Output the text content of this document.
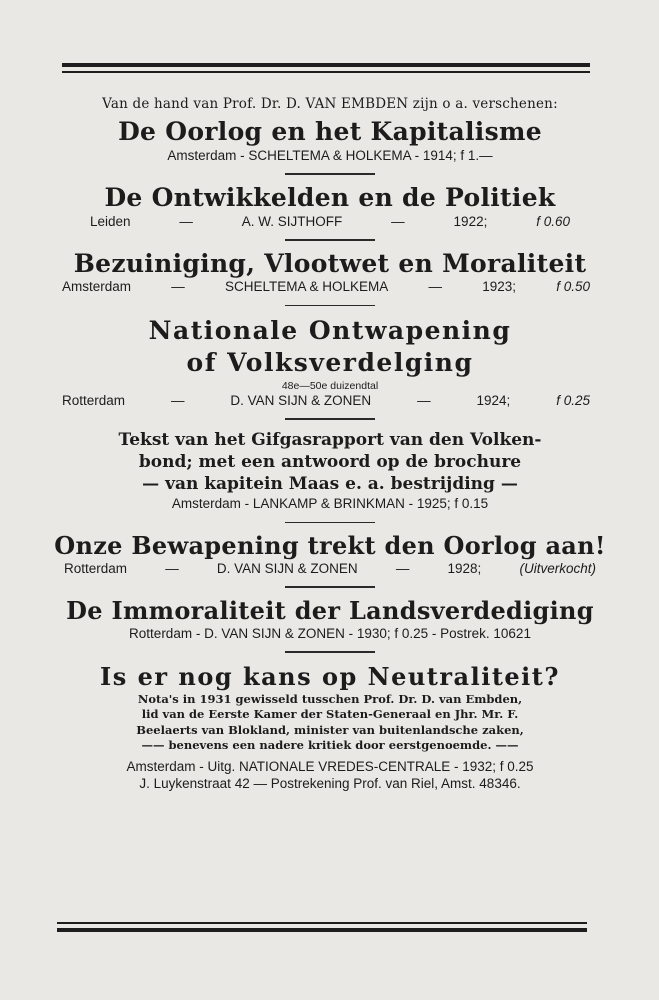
Van de hand van Prof. Dr. D. VAN EMBDEN zijn o a. verschenen:
De Oorlog en het Kapitalisme
Amsterdam - SCHELTEMA & HOLKEMA - 1914; f 1.—
De Ontwikkelden en de Politiek
Leiden	—	A. W. SIJTHOFF	—	1922;	f 0.60
Bezuiniging, Vlootwet en Moraliteit
Amsterdam	—	SCHELTEMA & HOLKEMA	—	1923;	f 0.50
Nationale Ontwapening
of Volksverdelging
48e—50e duizendtal
Rotterdam	—	D. VAN SIJN & ZONEN	—	1924;	f 0.25
Tekst van het Gifgasrapport van den Volken-
bond; met een antwoord op de brochure
— van kapitein Maas e. a. bestrijding —
Amsterdam - LANKAMP & BRINKMAN - 1925; f 0.15
Onze Bewapening trekt den Oorlog aan!
Rotterdam	—	D. VAN SIJN & ZONEN	—	1928;	(Uitverkocht)
De Immoraliteit der Landsverdediging
Rotterdam - D. VAN SIJN & ZONEN - 1930; f 0.25 - Postrek. 10621
Is er nog kans op Neutraliteit?
Nota's in 1931 gewisseld tusschen Prof. Dr. D. van Embden,
lid van de Eerste Kamer der Staten-Generaal en Jhr. Mr. F.
Beelaerts van Blokland, minister van buitenlandsche zaken,
—— benevens een nadere kritiek door eerstgenoemde. ——
Amsterdam - Uitg. NATIONALE VREDES-CENTRALE - 1932; f 0.25
J. Luykenstraat 42 — Postrekening Prof. van Riel, Amst. 48346.
